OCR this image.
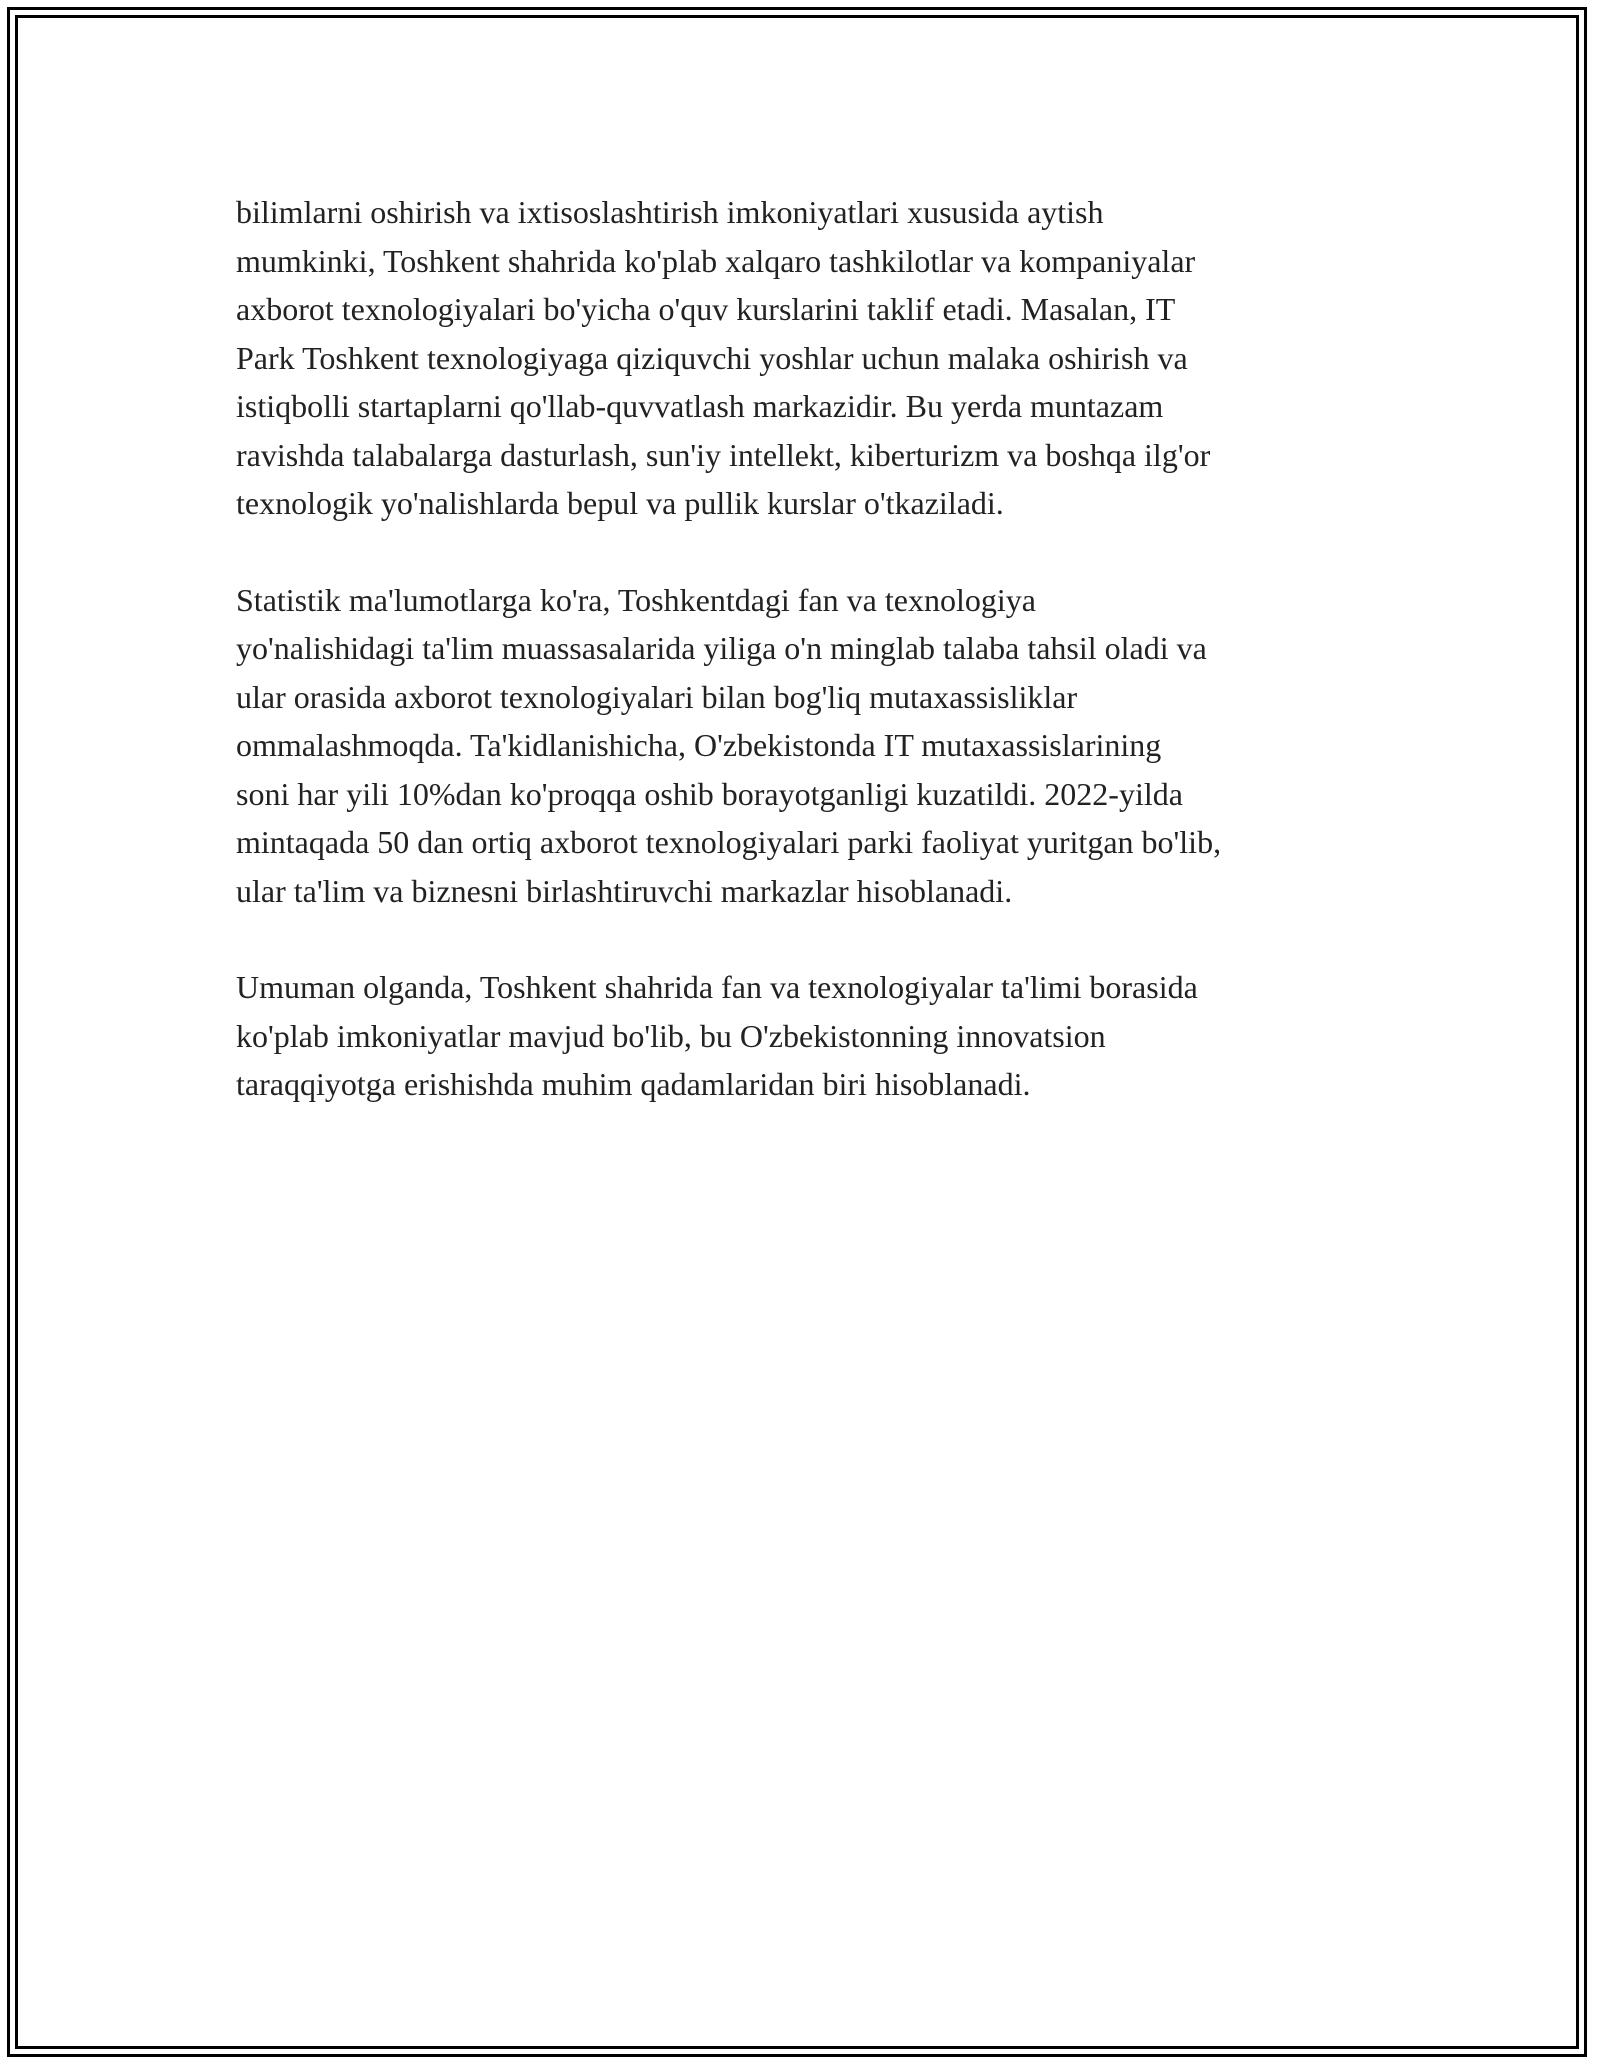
bilimlarni oshirish va ixtisoslashtirish imkoniyatlari xususida aytish
mumkinki, Toshkent shahrida ko'plab xalqaro tashkilotlar va kompaniyalar
axborot texnologiyalari bo'yicha o'quv kurslarini taklif etadi. Masalan, IT
Park Toshkent texnologiyaga qiziquvchi yoshlar uchun malaka oshirish va
istiqbolli startaplarni qo'llab-quvvatlash markazidir. Bu yerda muntazam
ravishda talabalarga dasturlash, sun'iy intellekt, kiberturizm va boshqa ilg'or
texnologik yo'nalishlarda bepul va pullik kurslar o'tkaziladi.

Statistik ma'lumotlarga ko'ra, Toshkentdagi fan va texnologiya
yo'nalishidagi ta'lim muassasalarida yiliga o'n minglab talaba tahsil oladi va
ular orasida axborot texnologiyalari bilan bog'liq mutaxassisliklar
ommalashmoqda. Ta'kidlanishicha, O'zbekistonda IT mutaxassislarining
soni har yili 10%dan ko'proqqa oshib borayotganligi kuzatildi. 2022-yilda
mintaqada 50 dan ortiq axborot texnologiyalari parki faoliyat yuritgan bo'lib,
ular ta'lim va biznesni birlashtiruvchi markazlar hisoblanadi.

Umuman olganda, Toshkent shahrida fan va texnologiyalar ta'limi borasida
ko'plab imkoniyatlar mavjud bo'lib, bu O'zbekistonning innovatsion
taraqqiyotga erishishda muhim qadamlaridan biri hisoblanadi.
